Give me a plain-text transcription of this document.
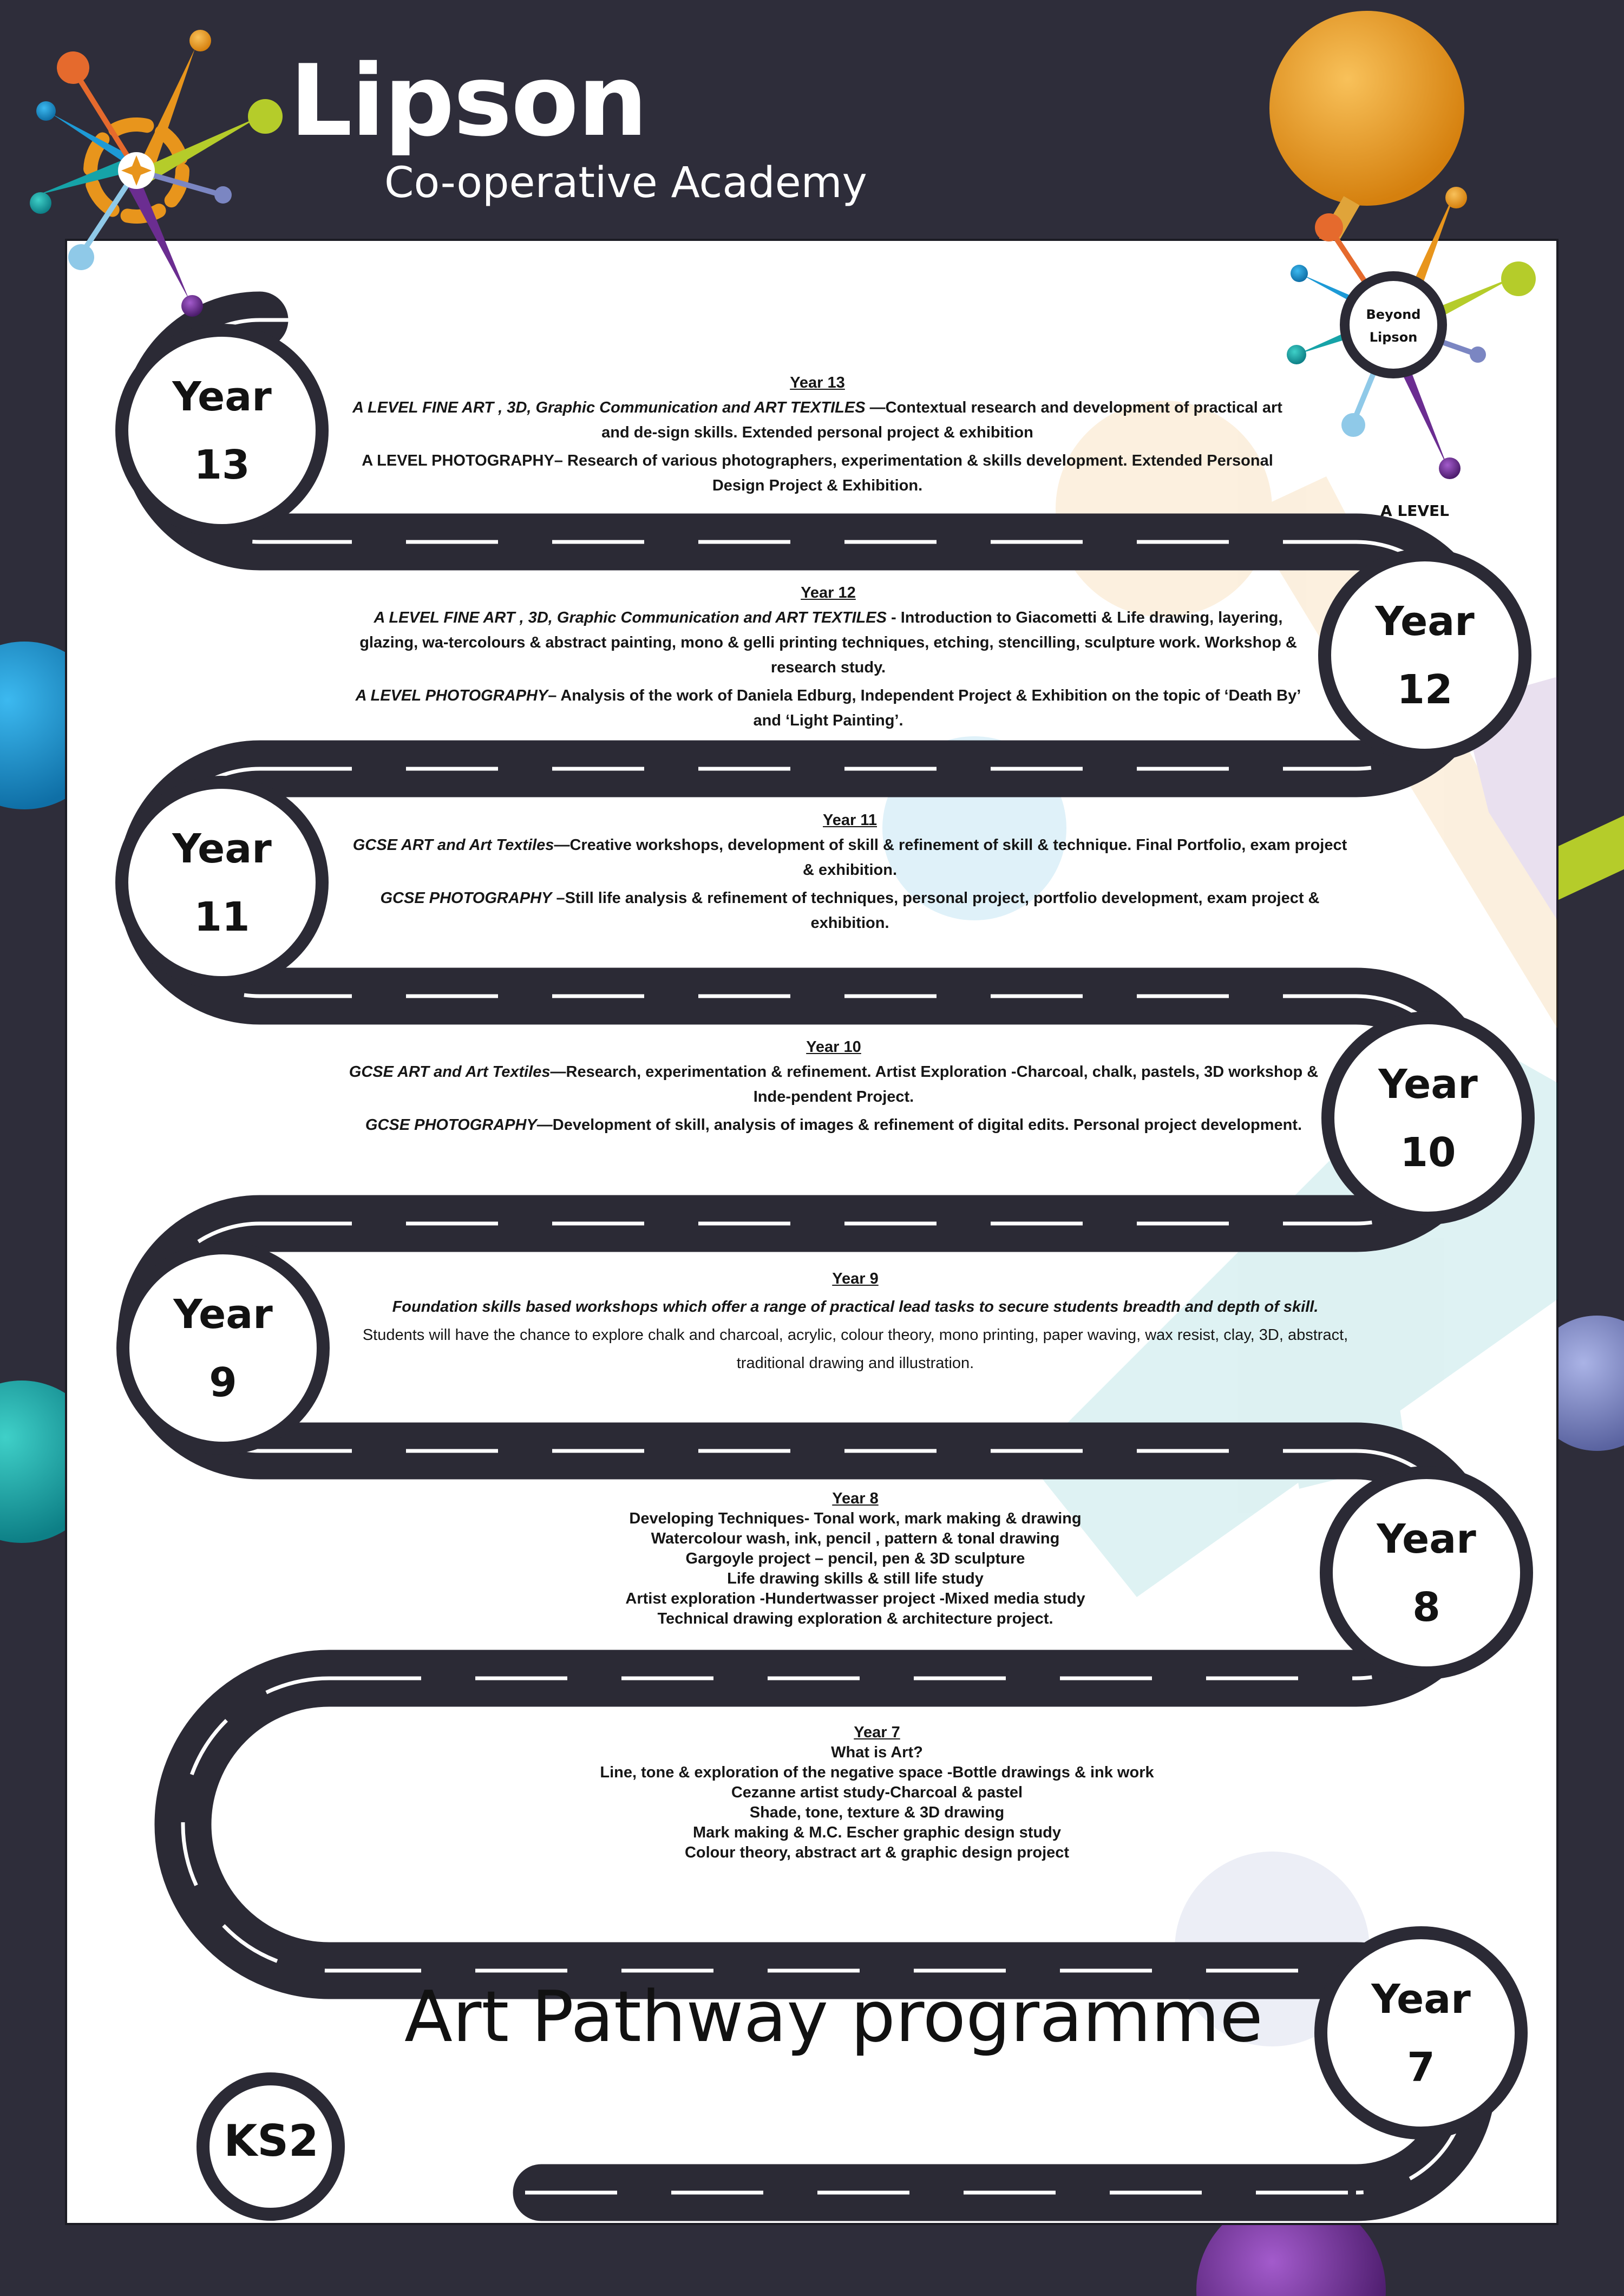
Lipson
Co-operative Academy
Beyond
Lipson
A LEVEL
KS2
Year
13
Year
12
Year
11
Year
10
Year
9
Year
8
Year
7

Year 13

A LEVEL FINE ART , 3D, Graphic Communication and ART TEXTILES —Contextual research and development of practical art and de-sign skills. Extended personal project & exhibition

A LEVEL PHOTOGRAPHY– Research of various photographers, experimentation & skills development. Extended Personal Design Project & Exhibition.

Year 12

A LEVEL FINE ART , 3D, Graphic Communication and ART TEXTILES - Introduction to Giacometti & Life drawing, layering, glazing, wa-tercolours & abstract painting, mono & gelli printing techniques, etching, stencilling, sculpture work. Workshop & research study.

A LEVEL PHOTOGRAPHY– Analysis of the work of Daniela Edburg, Independent Project & Exhibition on the topic of ‘Death By’ and ‘Light Painting’.

Year 11

GCSE ART and Art Textiles—Creative workshops, development of skill & refinement of skill & technique. Final Portfolio, exam project & exhibition.

GCSE PHOTOGRAPHY –Still life analysis & refinement of techniques, personal project, portfolio development, exam project & exhibition.

Year 10

GCSE ART and Art Textiles—Research, experimentation & refinement. Artist Exploration -Charcoal, chalk, pastels, 3D workshop & Inde-pendent Project.

GCSE PHOTOGRAPHY—Development of skill, analysis of images & refinement of digital edits. Personal project development.

Year 9

Foundation skills based workshops which offer a range of practical lead tasks to secure students breadth and depth of skill.

Students will have the chance to explore chalk and charcoal, acrylic, colour theory, mono printing, paper waving, wax resist, clay, 3D, abstract, traditional drawing and illustration.

Year 8

Developing Techniques- Tonal work, mark making & drawing

Watercolour wash, ink, pencil , pattern & tonal drawing

Gargoyle project – pencil, pen & 3D sculpture

Life drawing skills & still life study

Artist exploration -Hundertwasser project -Mixed media study

Technical drawing exploration & architecture project.

Year 7

What is Art?

Line, tone & exploration of the negative space -Bottle drawings & ink work

Cezanne artist study-Charcoal & pastel

Shade, tone, texture & 3D drawing

Mark making & M.C. Escher graphic design study

Colour theory, abstract art & graphic design project

Art Pathway programme
